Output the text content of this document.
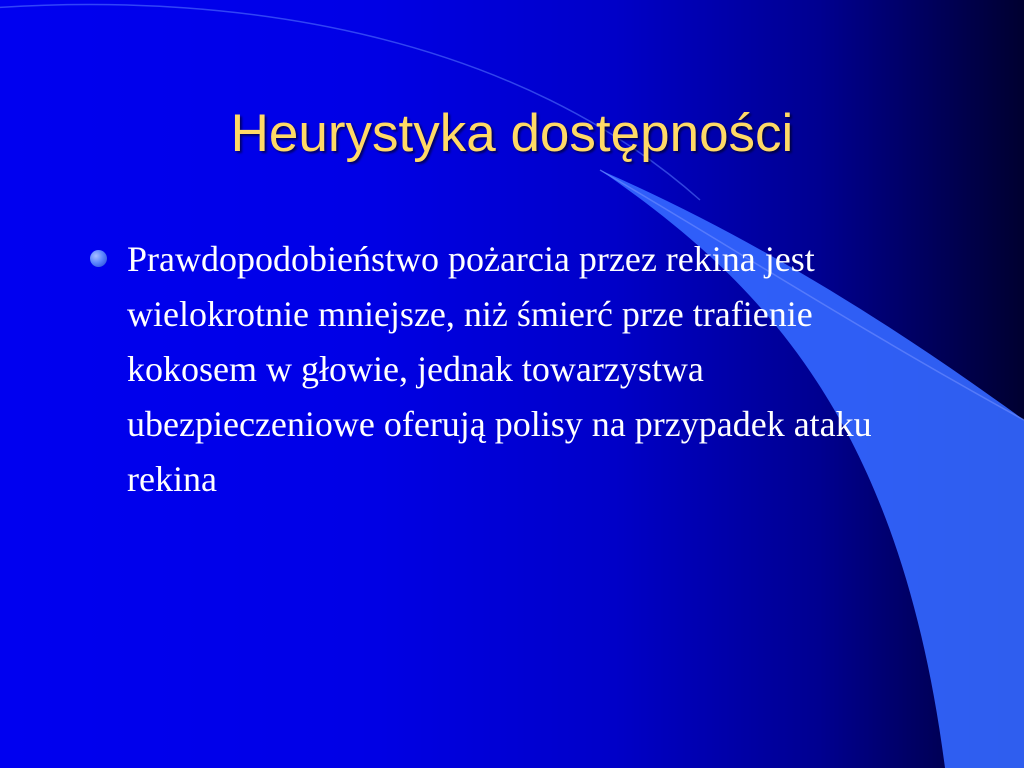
Heurystyka dostępności
Prawdopodobieństwo pożarcia przez rekina jest wielokrotnie mniejsze, niż śmierć prze trafienie kokosem w głowie, jednak towarzystwa ubezpieczeniowe oferują polisy na przypadek ataku rekina
